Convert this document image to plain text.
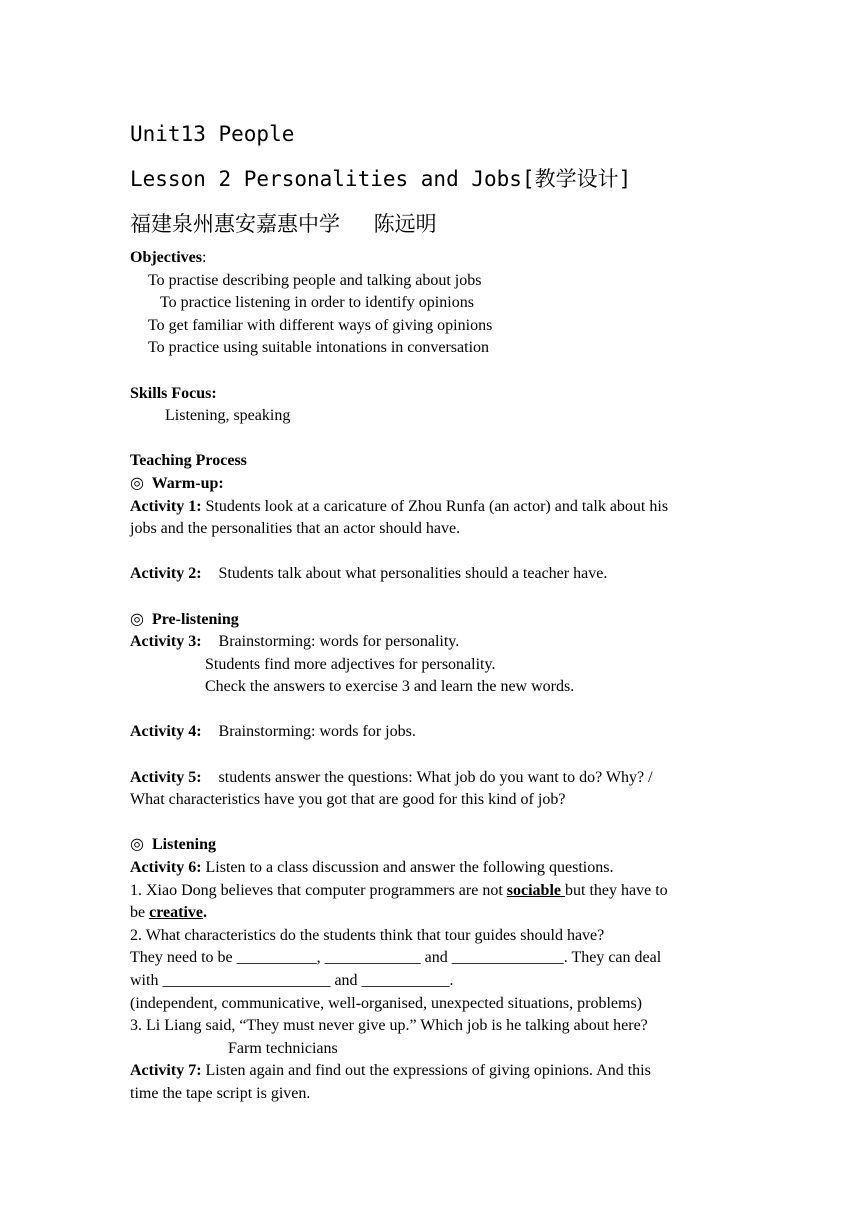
Unit13 People
Lesson 2 Personalities and Jobs[教学设计]
福建泉州惠安嘉惠中学　 陈远明
Objectives:
To practise describing people and talking about jobs
To practice listening in order to identify opinions
To get familiar with different ways of giving opinions
To practice using suitable intonations in conversation
Skills Focus:
Listening, speaking
Teaching Process
◎ Warm-up:
Activity 1: Students look at a caricature of Zhou Runfa (an actor) and talk about his
jobs and the personalities that an actor should have.
Activity 2: Students talk about what personalities should a teacher have.
◎ Pre-listening
Activity 3: Brainstorming: words for personality.
Students find more adjectives for personality.
Check the answers to exercise 3 and learn the new words.
Activity 4: Brainstorming: words for jobs.
Activity 5: students answer the questions: What job do you want to do? Why? /
What characteristics have you got that are good for this kind of job?
◎ Listening
Activity 6: Listen to a class discussion and answer the following questions.
1. Xiao Dong believes that computer programmers are not sociable but they have to
be creative.
2. What characteristics do the students think that tour guides should have?
They need to be __________, ____________ and ______________. They can deal
with _____________________ and ___________.
(independent, communicative, well-organised, unexpected situations, problems)
3. Li Liang said, “They must never give up.” Which job is he talking about here?
Farm technicians
Activity 7: Listen again and find out the expressions of giving opinions. And this
time the tape script is given.
